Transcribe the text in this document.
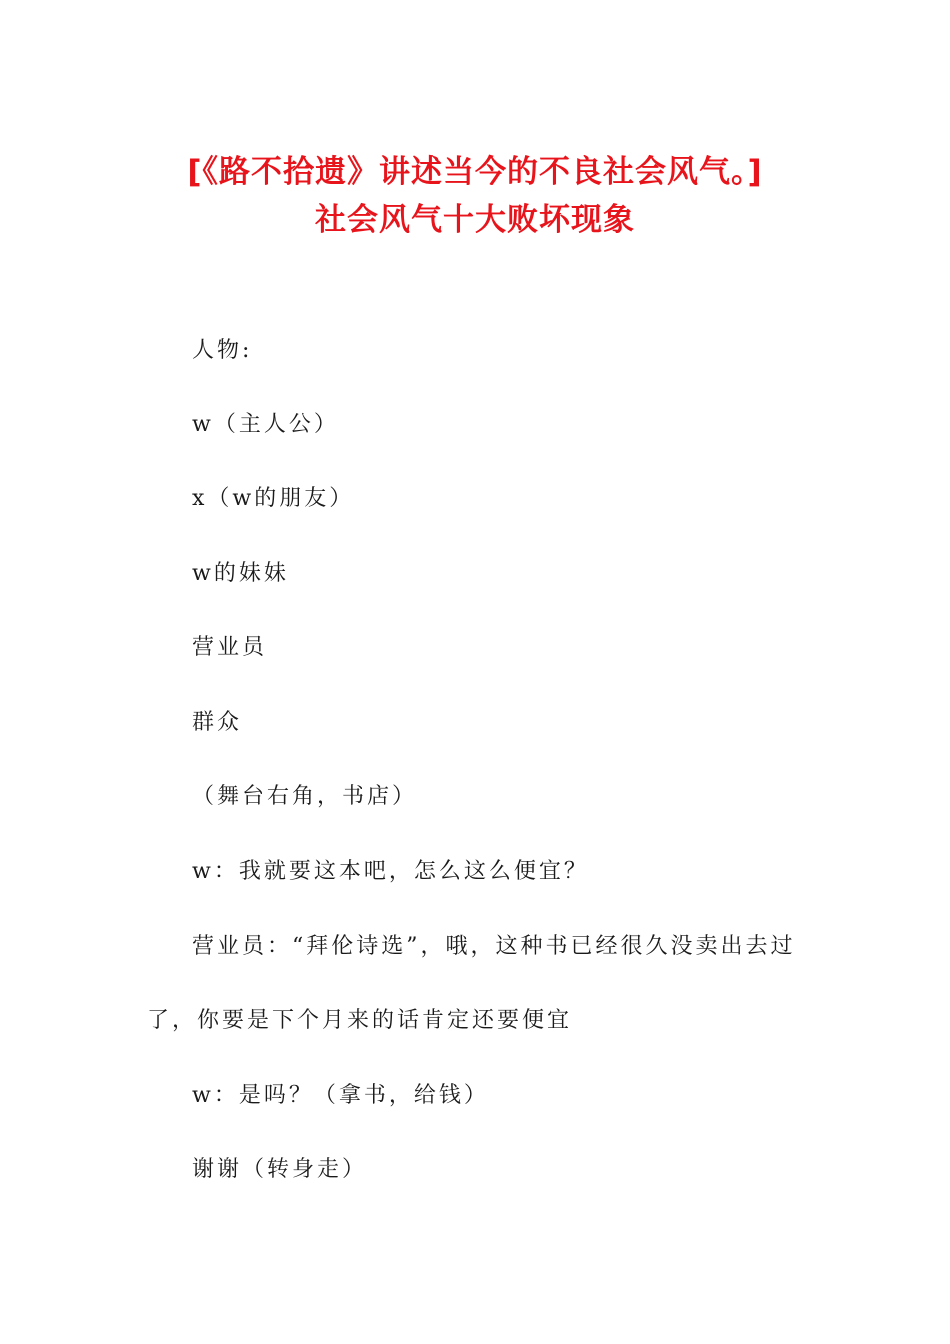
[《路不拾遗》讲述当今的不良社会风气。]
社会风气十大败坏现象
人物:
w（主人公）
x（w的朋友）
w的妹妹
营业员
群众
（舞台右角，书店）
w：我就要这本吧，怎么这么便宜？
营业员：“拜伦诗选”，哦，这种书已经很久没卖出去过
了，你要是下个月来的话肯定还要便宜
w：是吗？（拿书，给钱）
谢谢（转身走）
